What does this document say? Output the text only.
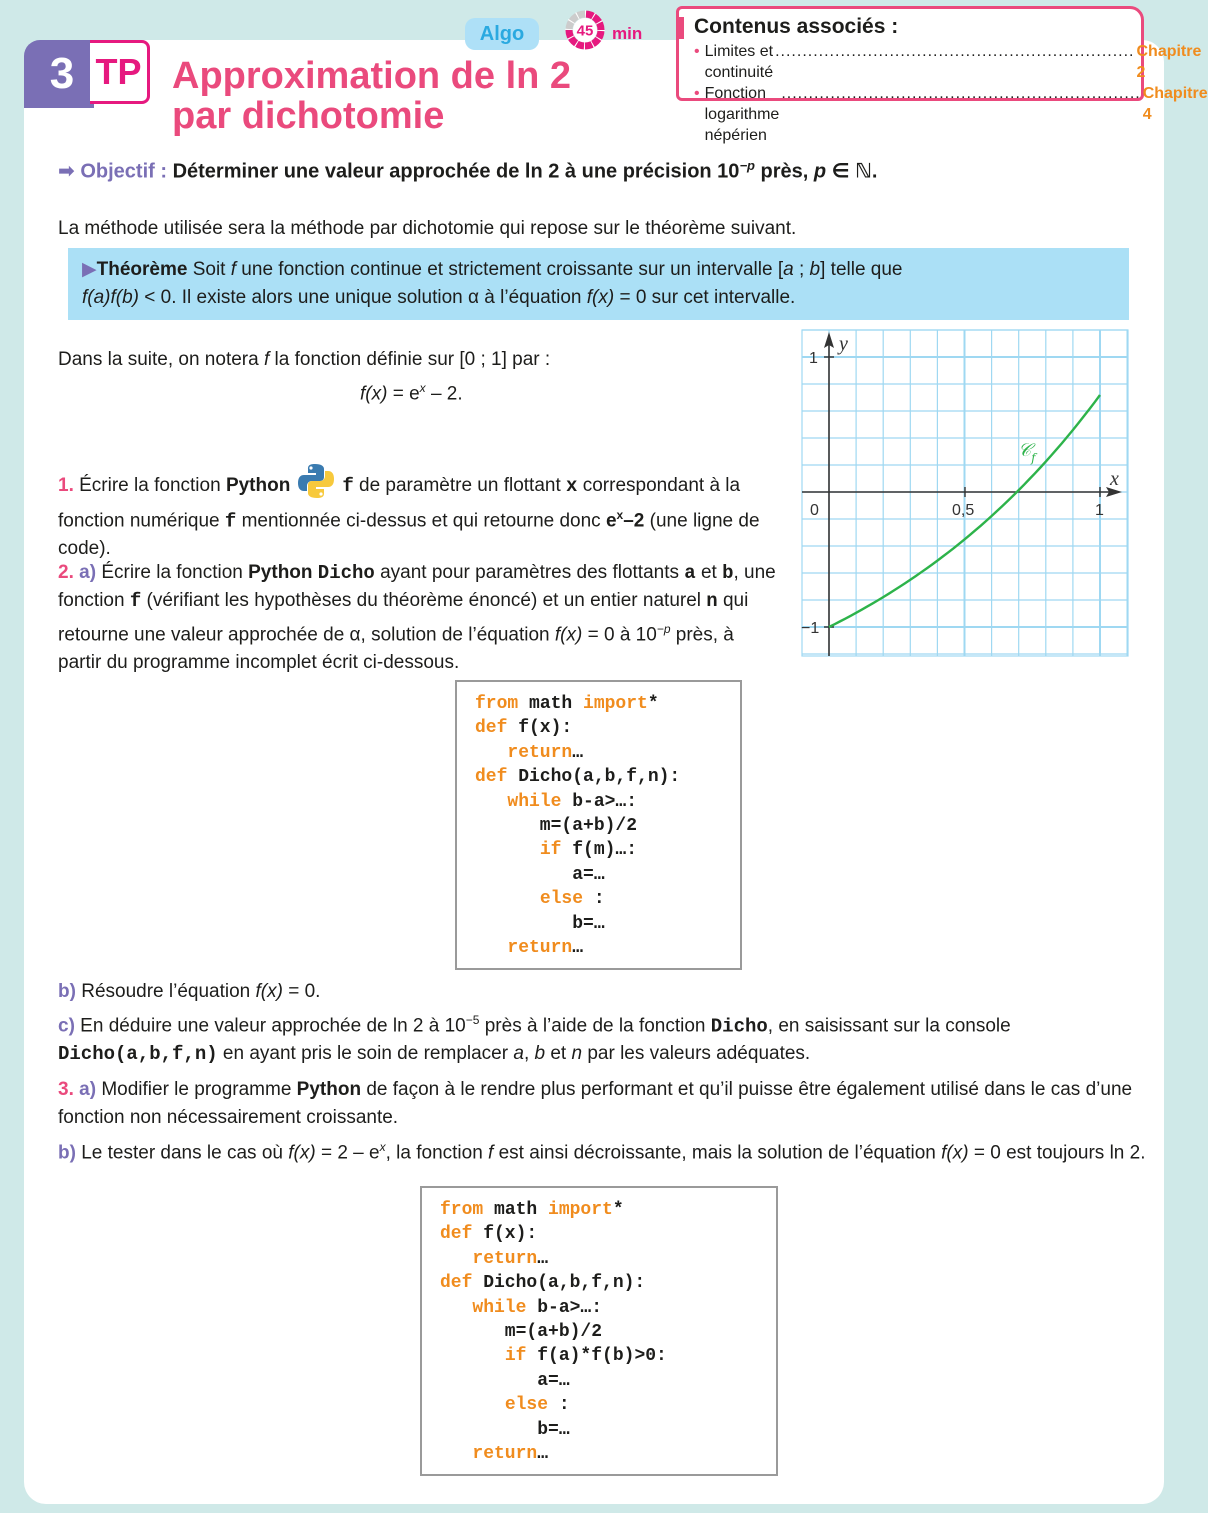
3 TP Approximation de ln 2
par dichotomie
Algo	45 min Contenus associés :
• Limites et continuité
.................................................................. Chapitre 2
• Fonction logarithme népérien
.................................................................. Chapitre 4
➡ Objectif : Déterminer une valeur approchée de ln 2 à une précision $10^{-p}$ près, p ∈ ℕ.
La méthode utilisée sera la méthode par dichotomie qui repose sur le théorème suivant.
▶Théorème Soit f une fonction continue et strictement croissante sur un intervalle [a ; b] telle que
f(a)f(b) < 0. Il existe alors une unique solution α à l’équation f(x) = 0 sur cet intervalle.
Dans la suite, on notera f la fonction définie sur [0 ; 1] par :
$f(x) = e^x - 2$.
1. Écrire la fonction Python	f de paramètre un flottant x correspondant à la fonction numérique f mentionnée ci-dessus et qui retourne donc $e^x-2$ (une ligne de code).
2. a) Écrire la fonction Python Dicho ayant pour paramètres des flottants a et b, une fonction f (vérifiant les hypothèses du théorème énoncé) et un entier naturel n qui retourne une valeur approchée de α, solution de l’équation f(x) = 0 à $10^{-p}$ près, à partir du programme incomplet écrit ci-dessous.
from math import*
def f(x):
return…
def Dicho(a,b,f,n):
while b-a>…:
m=(a+b)/2
if f(m)…:
a=…
else :
b=…
return…
b) Résoudre l’équation f(x) = 0.
c) En déduire une valeur approchée de ln 2 à $10^{-5}$ près à l’aide de la fonction Dicho, en saisissant sur la console Dicho(a,b,f,n) en ayant pris le soin de remplacer a, b et n par les valeurs adéquates.
3. a) Modifier le programme Python de façon à le rendre plus performant et qu’il puisse être également utilisé dans le cas d’une fonction non nécessairement croissante.
b) Le tester dans le cas où $f(x) = 2 - e^x$, la fonction f est ainsi décroissante, mais la solution de l’équation f(x) = 0 est toujours ln 2.
from math import*
def f(x):
return…
def Dicho(a,b,f,n):
while b-a>…:
m=(a+b)/2
if f(a)*f(b)>0:
a=…
else :
b=…
return…
0	0,5	1
1
−1
x
y
𝒞$_f$
